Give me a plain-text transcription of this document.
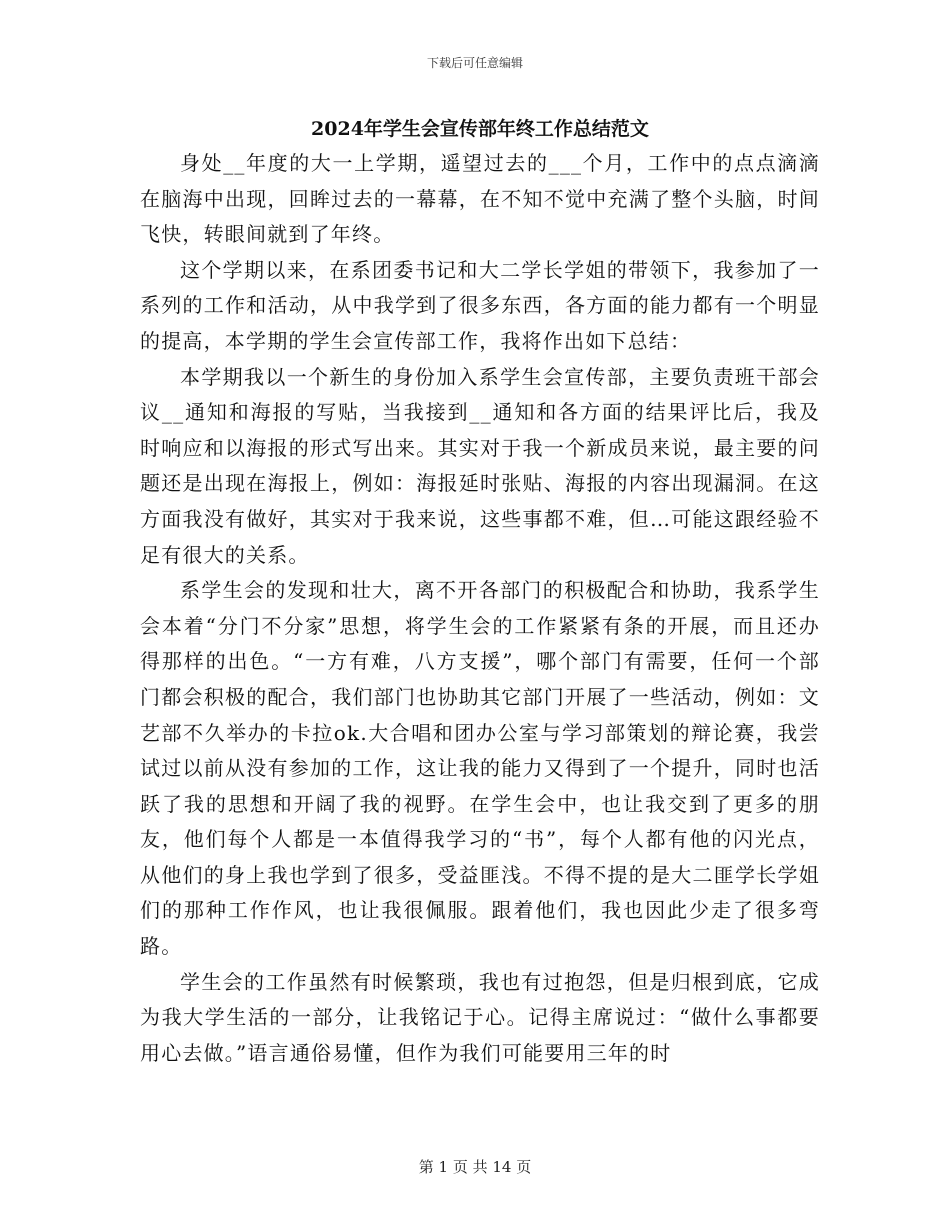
下载后可任意编辑
2024年学生会宣传部年终工作总结范文

身处__年度的大一上学期，遥望过去的___个月，工作中的点点滴滴在脑海中出现，回眸过去的一幕幕，在不知不觉中充满了整个头脑，时间飞快，转眼间就到了年终。

这个学期以来，在系团委书记和大二学长学姐的带领下，我参加了一系列的工作和活动，从中我学到了很多东西，各方面的能力都有一个明显的提高，本学期的学生会宣传部工作，我将作出如下总结：

本学期我以一个新生的身份加入系学生会宣传部，主要负责班干部会议__通知和海报的写贴，当我接到__通知和各方面的结果评比后，我及时响应和以海报的形式写出来。其实对于我一个新成员来说，最主要的问题还是出现在海报上，例如：海报延时张贴、海报的内容出现漏洞。在这方面我没有做好，其实对于我来说，这些事都不难，但…可能这跟经验不足有很大的关系。

系学生会的发现和壮大，离不开各部门的积极配合和协助，我系学生会本着“分门不分家”思想，将学生会的工作紧紧有条的开展，而且还办得那样的出色。“一方有难，八方支援”，哪个部门有需要，任何一个部门都会积极的配合，我们部门也协助其它部门开展了一些活动，例如：文艺部不久举办的卡拉ok.大合唱和团办公室与学习部策划的辩论赛，我尝试过以前从没有参加的工作，这让我的能力又得到了一个提升，同时也活跃了我的思想和开阔了我的视野。在学生会中，也让我交到了更多的朋友，他们每个人都是一本值得我学习的“书”，每个人都有他的闪光点，从他们的身上我也学到了很多，受益匪浅。不得不提的是大二匪学长学姐们的那种工作作风，也让我很佩服。跟着他们，我也因此少走了很多弯路。

学生会的工作虽然有时候繁琐，我也有过抱怨，但是归根到底，它成为我大学生活的一部分，让我铭记于心。记得主席说过：“做什么事都要用心去做。”语言通俗易懂，但作为我们可能要用三年的时

第 1 页 共 14 页
